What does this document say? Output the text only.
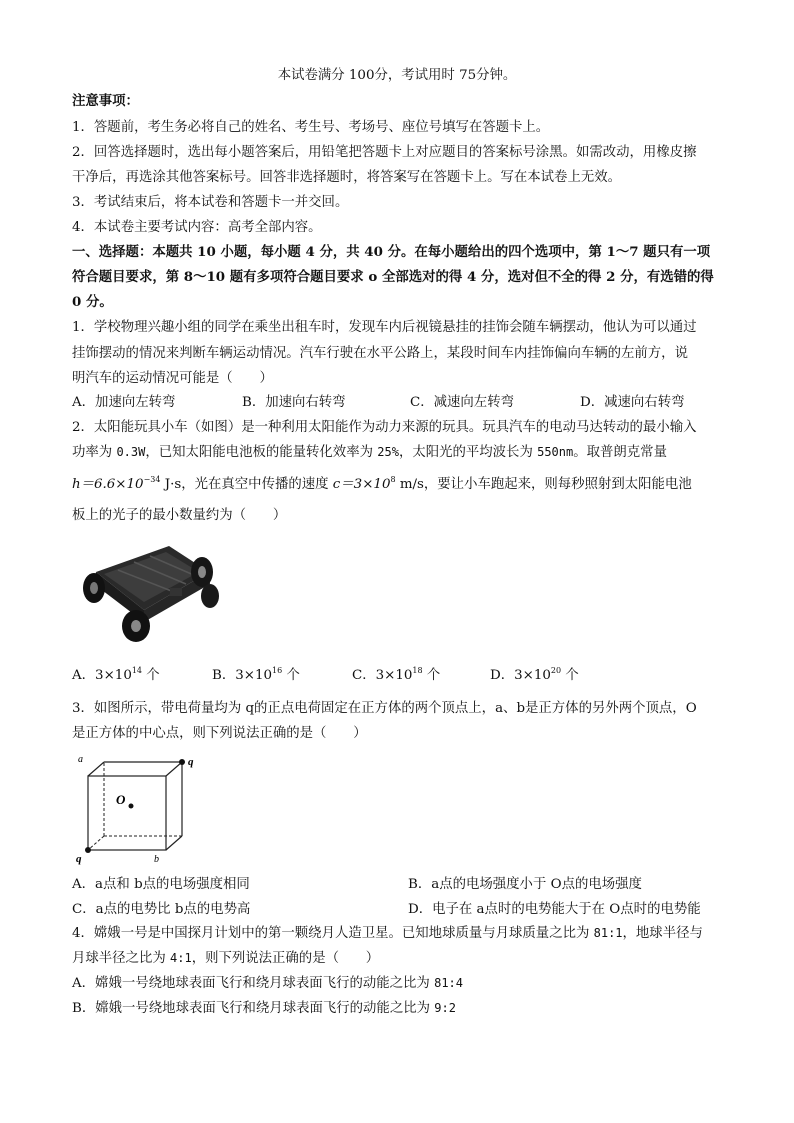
本试卷满分 100分，考试用时 75分钟。
注意事项：
1．答题前，考生务必将自己的姓名、考生号、考场号、座位号填写在答题卡上。
2．回答选择题时，选出每小题答案后，用铅笔把答题卡上对应题目的答案标号涂黑。如需改动，用橡皮擦
干净后，再选涂其他答案标号。回答非选择题时，将答案写在答题卡上。写在本试卷上无效。
3．考试结束后，将本试卷和答题卡一并交回。
4．本试卷主要考试内容：高考全部内容。
一、选择题：本题共 10 小题，每小题 4 分，共 40 分。在每小题给出的四个选项中，第 1～7 题只有一项
符合题目要求，第 8～10 题有多项符合题目要求 o 全部选对的得 4 分，选对但不全的得 2 分，有选错的得
0 分。
1．学校物理兴趣小组的同学在乘坐出租车时，发现车内后视镜悬挂的挂饰会随车辆摆动，他认为可以通过
挂饰摆动的情况来判断车辆运动情况。汽车行驶在水平公路上，某段时间车内挂饰偏向车辆的左前方，说
明汽车的运动情况可能是（　　）
A．加速向左转弯	B．加速向右转弯	C．减速向左转弯	D．减速向右转弯
2．太阳能玩具小车（如图）是一种利用太阳能作为动力来源的玩具。玩具汽车的电动马达转动的最小输入
功率为 0.3W，已知太阳能电池板的能量转化效率为 25%，太阳光的平均波长为 550nm。取普朗克常量
$h=6.6\times 10^{-34}$ J·s，光在真空中传播的速度 $c=3\times 10^8$ m/s，要让小车跑起来，则每秒照射到太阳能电池
板上的光子的最小数量约为（　　）
A．$3\times 10^{14}$ 个	B．$3\times 10^{16}$ 个	C．$3\times 10^{18}$ 个	D．$3\times 10^{20}$ 个
3．如图所示，带电荷量均为 q的正点电荷固定在正方体的两个顶点上，a、b是正方体的另外两个顶点，O
是正方体的中心点，则下列说法正确的是（　　）
a	q
O
q	b
A．a点和 b点的电场强度相同	B．a点的电场强度小于 O点的电场强度
C．a点的电势比 b点的电势高	D．电子在 a点时的电势能大于在 O点时的电势能
4．嫦娥一号是中国探月计划中的第一颗绕月人造卫星。已知地球质量与月球质量之比为 81:1，地球半径与
月球半径之比为 4:1，则下列说法正确的是（　　）
A．嫦娥一号绕地球表面飞行和绕月球表面飞行的动能之比为 81:4
B．嫦娥一号绕地球表面飞行和绕月球表面飞行的动能之比为 9:2
